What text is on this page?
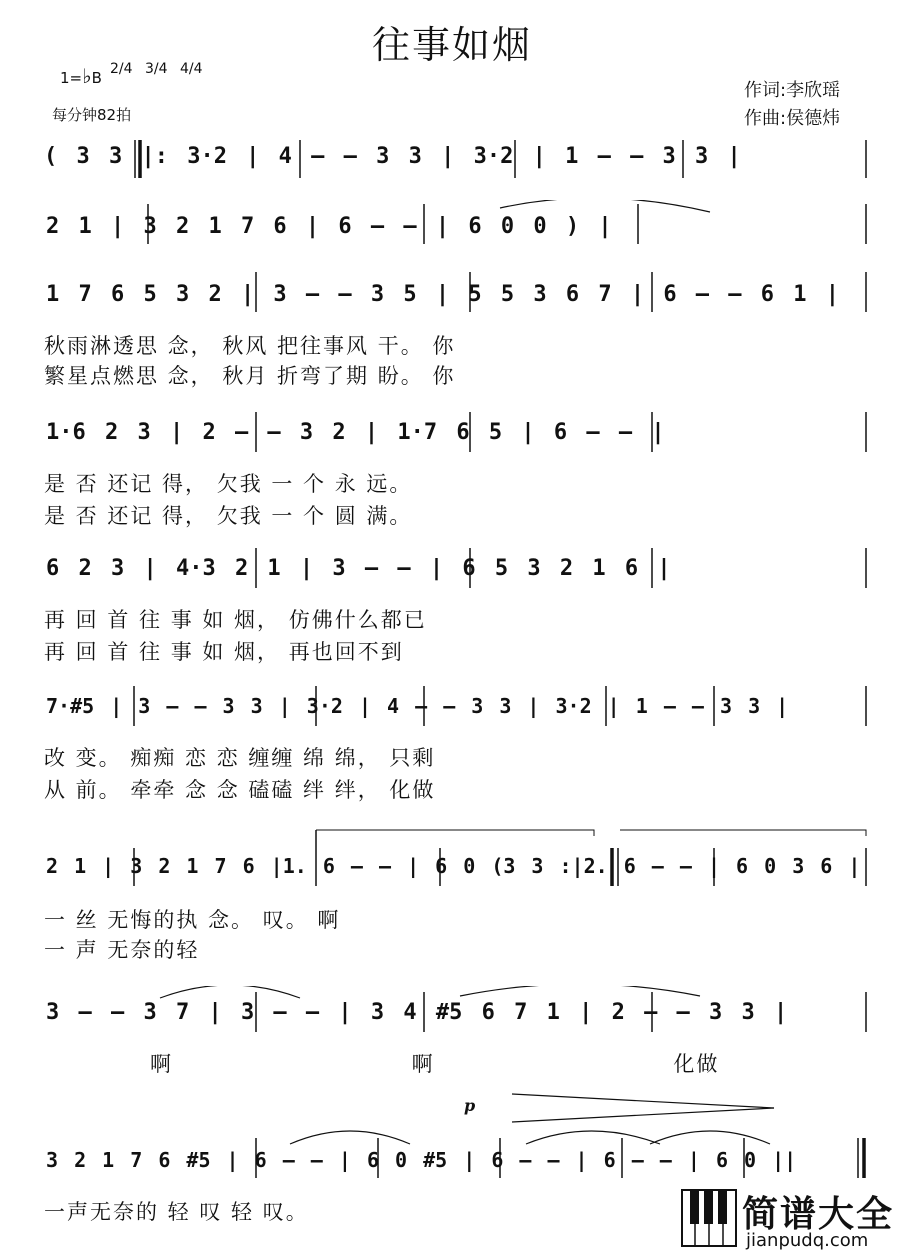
往事如烟
1=♭B 2/4 3/4 4/4
每分钟82拍
作词:李欣瑶
作曲:侯德炜
( 3 3 |: 3·2 | 4 – – 3 3 | 3·2 | 1 – – 3 3 |
2 1 | 3 2 1 7 6 | 6 – – | 6 0 0 ) |
1 7 6 5 3 2 | 3 – – 3 5 | 5 5 3 6 7 | 6 – – 6 1 |
秋雨淋透思 念， 秋风 把往事风 干。 你
繁星点燃思 念， 秋月 折弯了期 盼。 你
1·6 2 3 | 2 – – 3 2 | 1·7 6 5 | 6 – – |
是 否 还记 得， 欠我 一 个 永 远。
是 否 还记 得， 欠我 一 个 圆 满。
6 2 3 | 4·3 2 1 | 3 – – | 6 5 3 2 1 6 |
再 回 首 往 事 如 烟， 仿佛什么都已
再 回 首 往 事 如 烟， 再也回不到
7·#5 | 3 – – 3 3 | 3·2 | 4 – – 3 3 | 3·2 | 1 – – 3 3 |
改 变。 痴痴 恋 恋 缠缠 绵 绵， 只剩
从 前。 牵牵 念 念 磕磕 绊 绊， 化做
2 1 | 3 2 1 7 6 |1. 6 – – | 6 0 (3 3 :|2. 6 – – | 6 0 3 6 |
一 丝 无悔的执 念。 叹。 啊
一 声 无奈的轻
3 – – 3 7 | 3 – – | 3 4 #5 6 7 1 | 2 – – 3 3 |
啊 啊 化做
p
3 2 1 7 6 #5 | 6 – – | 6 0 #5 | 6 – – | 6 – – | 6 0 ||
一声无奈的 轻 叹 轻 叹。	简谱大全
jianpudq.com
